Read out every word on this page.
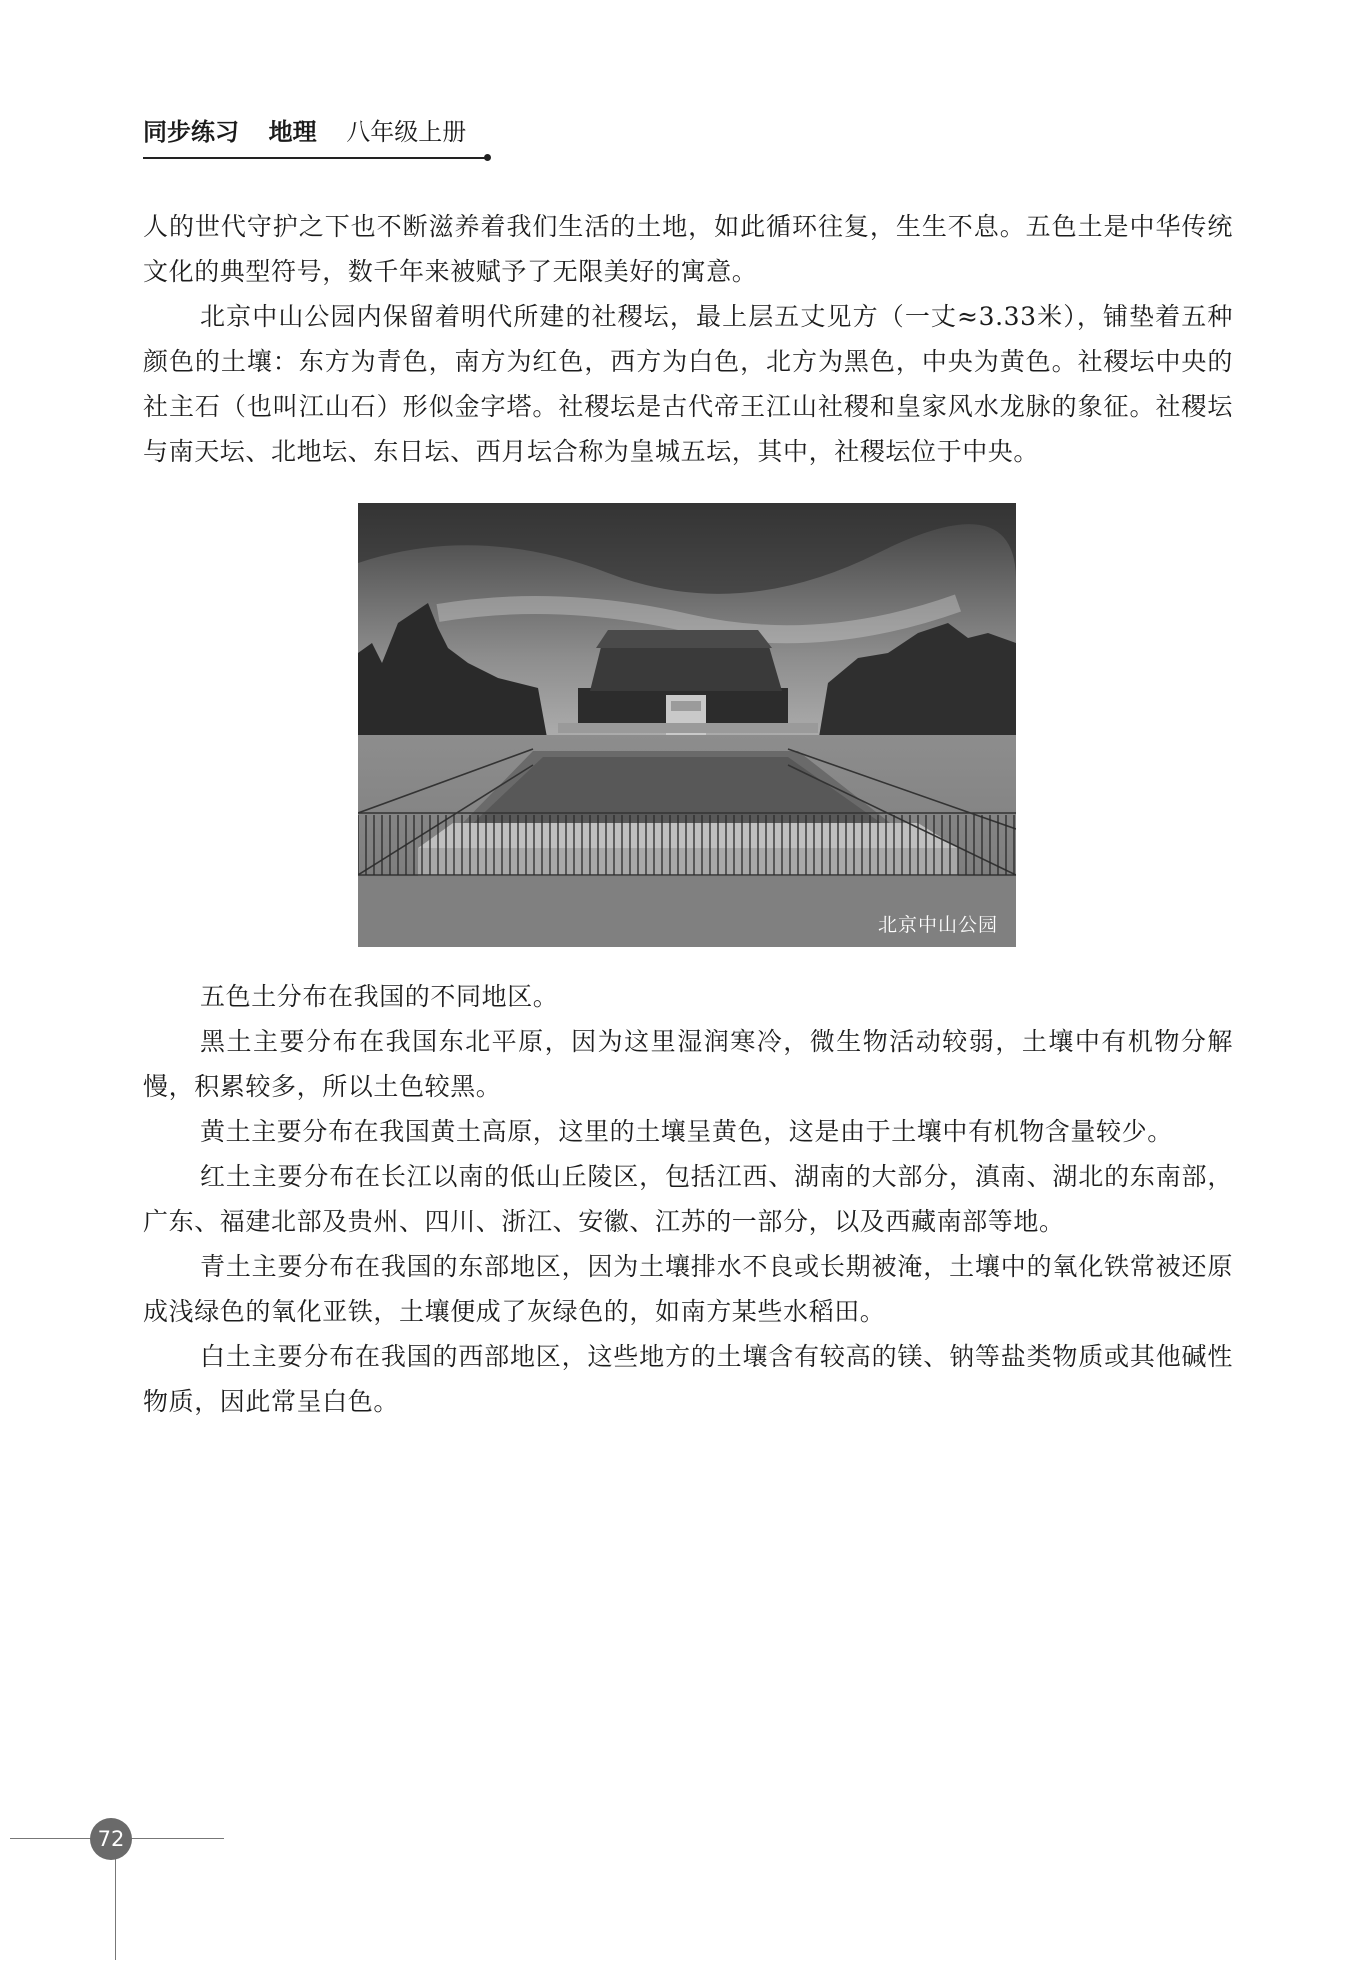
同步练习 地理 八年级上册

人的世代守护之下也不断滋养着我们生活的土地，如此循环往复，生生不息。五色土是中华传统文化的典型符号，数千年来被赋予了无限美好的寓意。

北京中山公园内保留着明代所建的社稷坛，最上层五丈见方（一丈≈3.33米），铺垫着五种颜色的土壤：东方为青色，南方为红色，西方为白色，北方为黑色，中央为黄色。社稷坛中央的社主石（也叫江山石）形似金字塔。社稷坛是古代帝王江山社稷和皇家风水龙脉的象征。社稷坛与南天坛、北地坛、东日坛、西月坛合称为皇城五坛，其中，社稷坛位于中央。

北京中山公园

五色土分布在我国的不同地区。

黑土主要分布在我国东北平原，因为这里湿润寒冷，微生物活动较弱，土壤中有机物分解慢，积累较多，所以土色较黑。

黄土主要分布在我国黄土高原，这里的土壤呈黄色，这是由于土壤中有机物含量较少。

红土主要分布在长江以南的低山丘陵区，包括江西、湖南的大部分，滇南、湖北的东南部，广东、福建北部及贵州、四川、浙江、安徽、江苏的一部分，以及西藏南部等地。

青土主要分布在我国的东部地区，因为土壤排水不良或长期被淹，土壤中的氧化铁常被还原成浅绿色的氧化亚铁，土壤便成了灰绿色的，如南方某些水稻田。

白土主要分布在我国的西部地区，这些地方的土壤含有较高的镁、钠等盐类物质或其他碱性物质，因此常呈白色。

72
